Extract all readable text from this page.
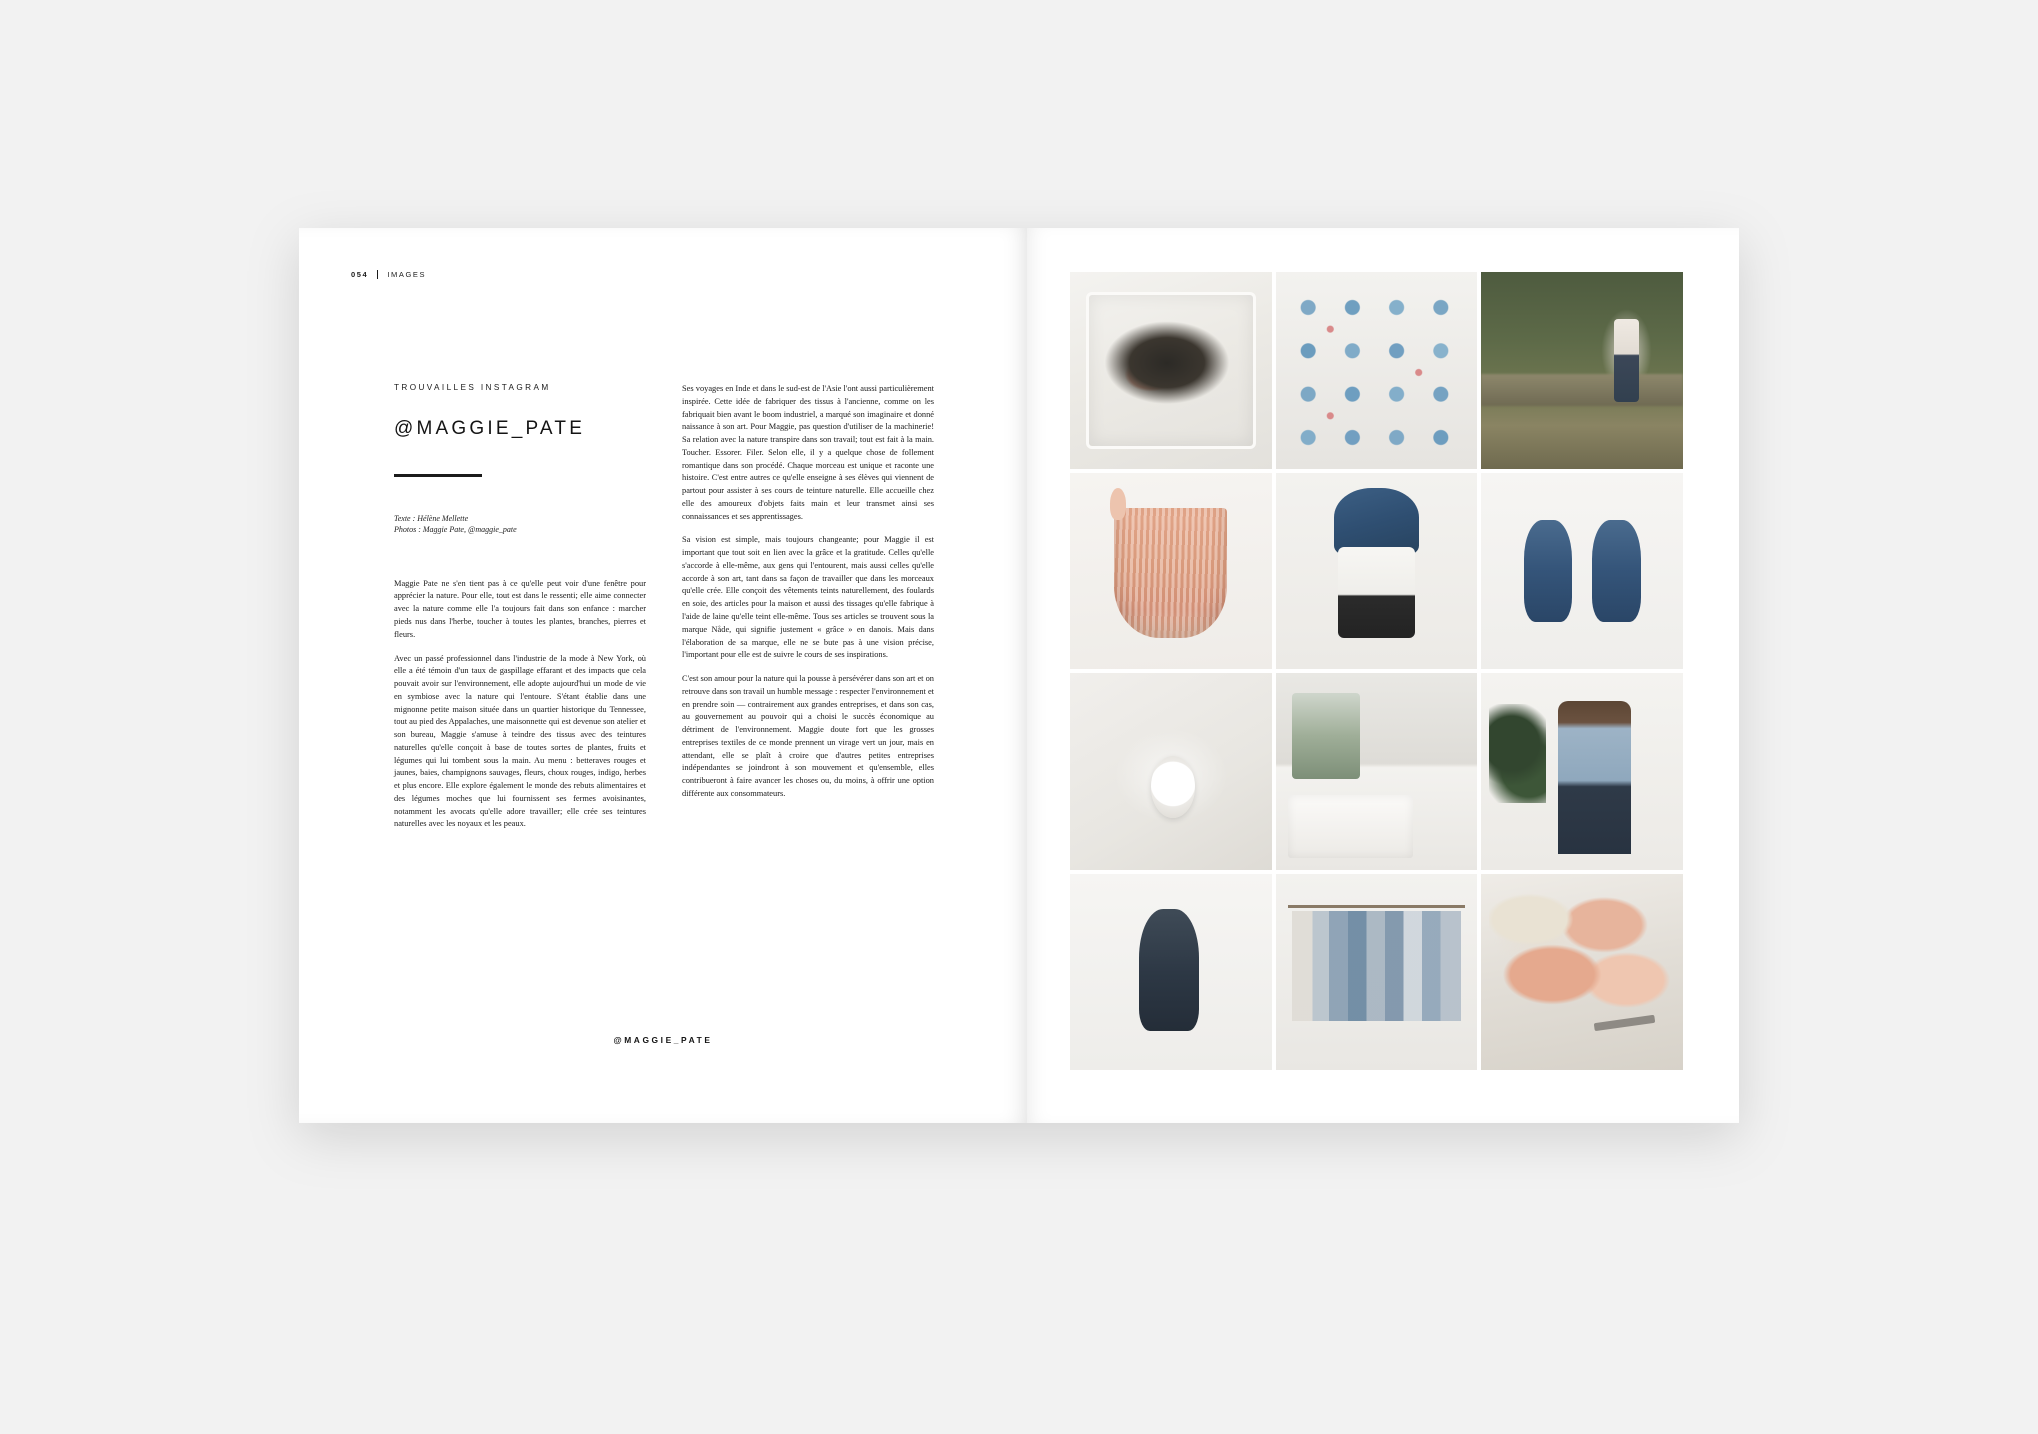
054	IMAGES
TROUVAILLES INSTAGRAM
@MAGGIE_PATE

Texte : Hélène Mellette
Photos : Maggie Pate, @maggie_pate

Maggie Pate ne s'en tient pas à ce qu'elle peut voir d'une fenêtre pour apprécier la nature. Pour elle, tout est dans le ressenti; elle aime connecter avec la nature comme elle l'a toujours fait dans son enfance : marcher pieds nus dans l'herbe, toucher à toutes les plantes, branches, pierres et fleurs.

Avec un passé professionnel dans l'industrie de la mode à New York, où elle a été témoin d'un taux de gaspillage effarant et des impacts que cela pouvait avoir sur l'environnement, elle adopte aujourd'hui un mode de vie en symbiose avec la nature qui l'entoure. S'étant établie dans une mignonne petite maison située dans un quartier historique du Tennessee, tout au pied des Appalaches, une maisonnette qui est devenue son atelier et son bureau, Maggie s'amuse à teindre des tissus avec des teintures naturelles qu'elle conçoit à base de toutes sortes de plantes, fruits et légumes qui lui tombent sous la main. Au menu : betteraves rouges et jaunes, baies, champignons sauvages, fleurs, choux rouges, indigo, herbes et plus encore. Elle explore également le monde des rebuts alimentaires et des légumes moches que lui fournissent ses fermes avoisinantes, notamment les avocats qu'elle adore travailler; elle crée ses teintures naturelles avec les noyaux et les peaux.

Ses voyages en Inde et dans le sud-est de l'Asie l'ont aussi particulièrement inspirée. Cette idée de fabriquer des tissus à l'ancienne, comme on les fabriquait bien avant le boom industriel, a marqué son imaginaire et donné naissance à son art. Pour Maggie, pas question d'utiliser de la machinerie! Sa relation avec la nature transpire dans son travail; tout est fait à la main. Toucher. Essorer. Filer. Selon elle, il y a quelque chose de follement romantique dans son procédé. Chaque morceau est unique et raconte une histoire. C'est entre autres ce qu'elle enseigne à ses élèves qui viennent de partout pour assister à ses cours de teinture naturelle. Elle accueille chez elle des amoureux d'objets faits main et leur transmet ainsi ses connaissances et ses apprentissages.

Sa vision est simple, mais toujours changeante; pour Maggie il est important que tout soit en lien avec la grâce et la gratitude. Celles qu'elle s'accorde à elle-même, aux gens qui l'entourent, mais aussi celles qu'elle accorde à son art, tant dans sa façon de travailler que dans les morceaux qu'elle crée. Elle conçoit des vêtements teints naturellement, des foulards en soie, des articles pour la maison et aussi des tissages qu'elle fabrique à l'aide de laine qu'elle teint elle-même. Tous ses articles se trouvent sous la marque Nåde, qui signifie justement « grâce » en danois. Mais dans l'élaboration de sa marque, elle ne se bute pas à une vision précise, l'important pour elle est de suivre le cours de ses inspirations.

C'est son amour pour la nature qui la pousse à persévérer dans son art et on retrouve dans son travail un humble message : respecter l'environnement et en prendre soin — contrairement aux grandes entreprises, et dans son cas, au gouvernement au pouvoir qui a choisi le succès économique au détriment de l'environnement. Maggie doute fort que les grosses entreprises textiles de ce monde prennent un virage vert un jour, mais en attendant, elle se plaît à croire que d'autres petites entreprises indépendantes se joindront à son mouvement et qu'ensemble, elles contribueront à faire avancer les choses ou, du moins, à offrir une option différente aux consommateurs.

@MAGGIE_PATE
